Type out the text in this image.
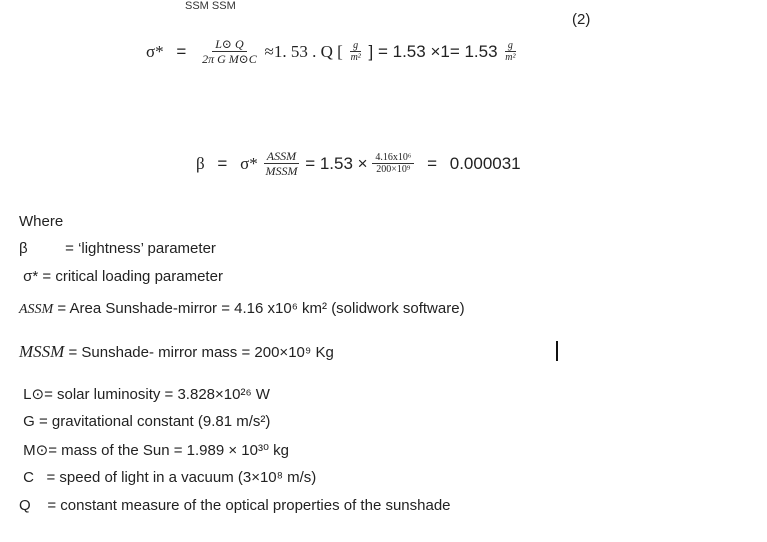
SSM SSM
(2)
$\sigma* = \frac{L⊙ Q}{\text{2π G M⊙C}} \approx 1$. 53 . Q [ $\frac{g}{\text{m²}}$ ] = $1.53 \times 1= 1.53 \frac{g}{\text{m²}}$
$\beta = \sigma* \frac{\text{ASSM}}{\text{MSSM}} = 1.53 \times \frac{\text{4.16x10⁶}}{\text{200×10⁹}} = 0.000031$
Where
β         = ‘lightness’ parameter
σ* = critical loading parameter
ASSM = Area Sunshade-mirror = 4.16 x10⁶ km² (solidwork software)
MSSM = Sunshade- mirror mass = 200×10⁹ Kg
L⊙= solar luminosity = 3.828×10²⁶ W
G = gravitational constant (9.81 m/s²)
M⊙= mass of the Sun = 1.989 × 10³⁰ kg
C   = speed of light in a vacuum (3×10⁸ m/s)
Q    = constant measure of the optical properties of the sunshade
